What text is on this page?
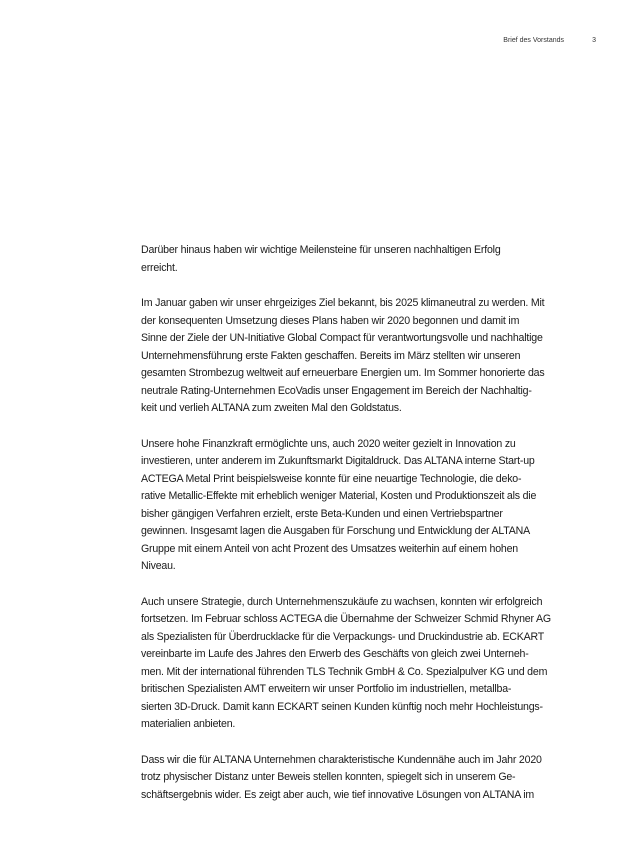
Brief des Vorstands	3

Darüber hinaus haben wir wichtige Meilensteine für unseren nachhaltigen Erfolg
erreicht.

Im Januar gaben wir unser ehrgeiziges Ziel bekannt, bis 2025 klimaneutral zu werden. Mit
der konsequenten Umsetzung dieses Plans haben wir 2020 begonnen und damit im
Sinne der Ziele der UN-Initiative Global Compact für verantwortungsvolle und nachhaltige
Unternehmensführung erste Fakten geschaffen. Bereits im März stellten wir unseren
gesamten Strombezug weltweit auf erneuerbare Energien um. Im Sommer honorierte das
neutrale Rating-Unternehmen EcoVadis unser Engagement im Bereich der Nachhaltig-
keit und verlieh ALTANA zum zweiten Mal den Goldstatus.

Unsere hohe Finanzkraft ermöglichte uns, auch 2020 weiter gezielt in Innovation zu
investieren, unter anderem im Zukunftsmarkt Digitaldruck. Das ALTANA interne Start-up
ACTEGA Metal Print beispielsweise konnte für eine neuartige Technologie, die deko-
rative Metallic-Effekte mit erheblich weniger Material, Kosten und Produktionszeit als die
bisher gängigen Verfahren erzielt, erste Beta-Kunden und einen Vertriebspartner
gewinnen. Insgesamt lagen die Ausgaben für Forschung und Entwicklung der ALTANA
Gruppe mit einem Anteil von acht Prozent des Umsatzes weiterhin auf einem hohen
Niveau.

Auch unsere Strategie, durch Unternehmenszukäufe zu wachsen, konnten wir erfolgreich
fortsetzen. Im Februar schloss ACTEGA die Übernahme der Schweizer Schmid Rhyner AG
als Spezialisten für Überdrucklacke für die Verpackungs- und Druckindustrie ab. ECKART
vereinbarte im Laufe des Jahres den Erwerb des Geschäfts von gleich zwei Unterneh-
men. Mit der international führenden TLS Technik GmbH & Co. Spezialpulver KG und dem
britischen Spezialisten AMT erweitern wir unser Portfolio im industriellen, metallba-
sierten 3D-Druck. Damit kann ECKART seinen Kunden künftig noch mehr Hochleistungs-
materialien anbieten.

Dass wir die für ALTANA Unternehmen charakteristische Kundennähe auch im Jahr 2020
trotz physischer Distanz unter Beweis stellen konnten, spiegelt sich in unserem Ge-
schäftsergebnis wider. Es zeigt aber auch, wie tief innovative Lösungen von ALTANA im
